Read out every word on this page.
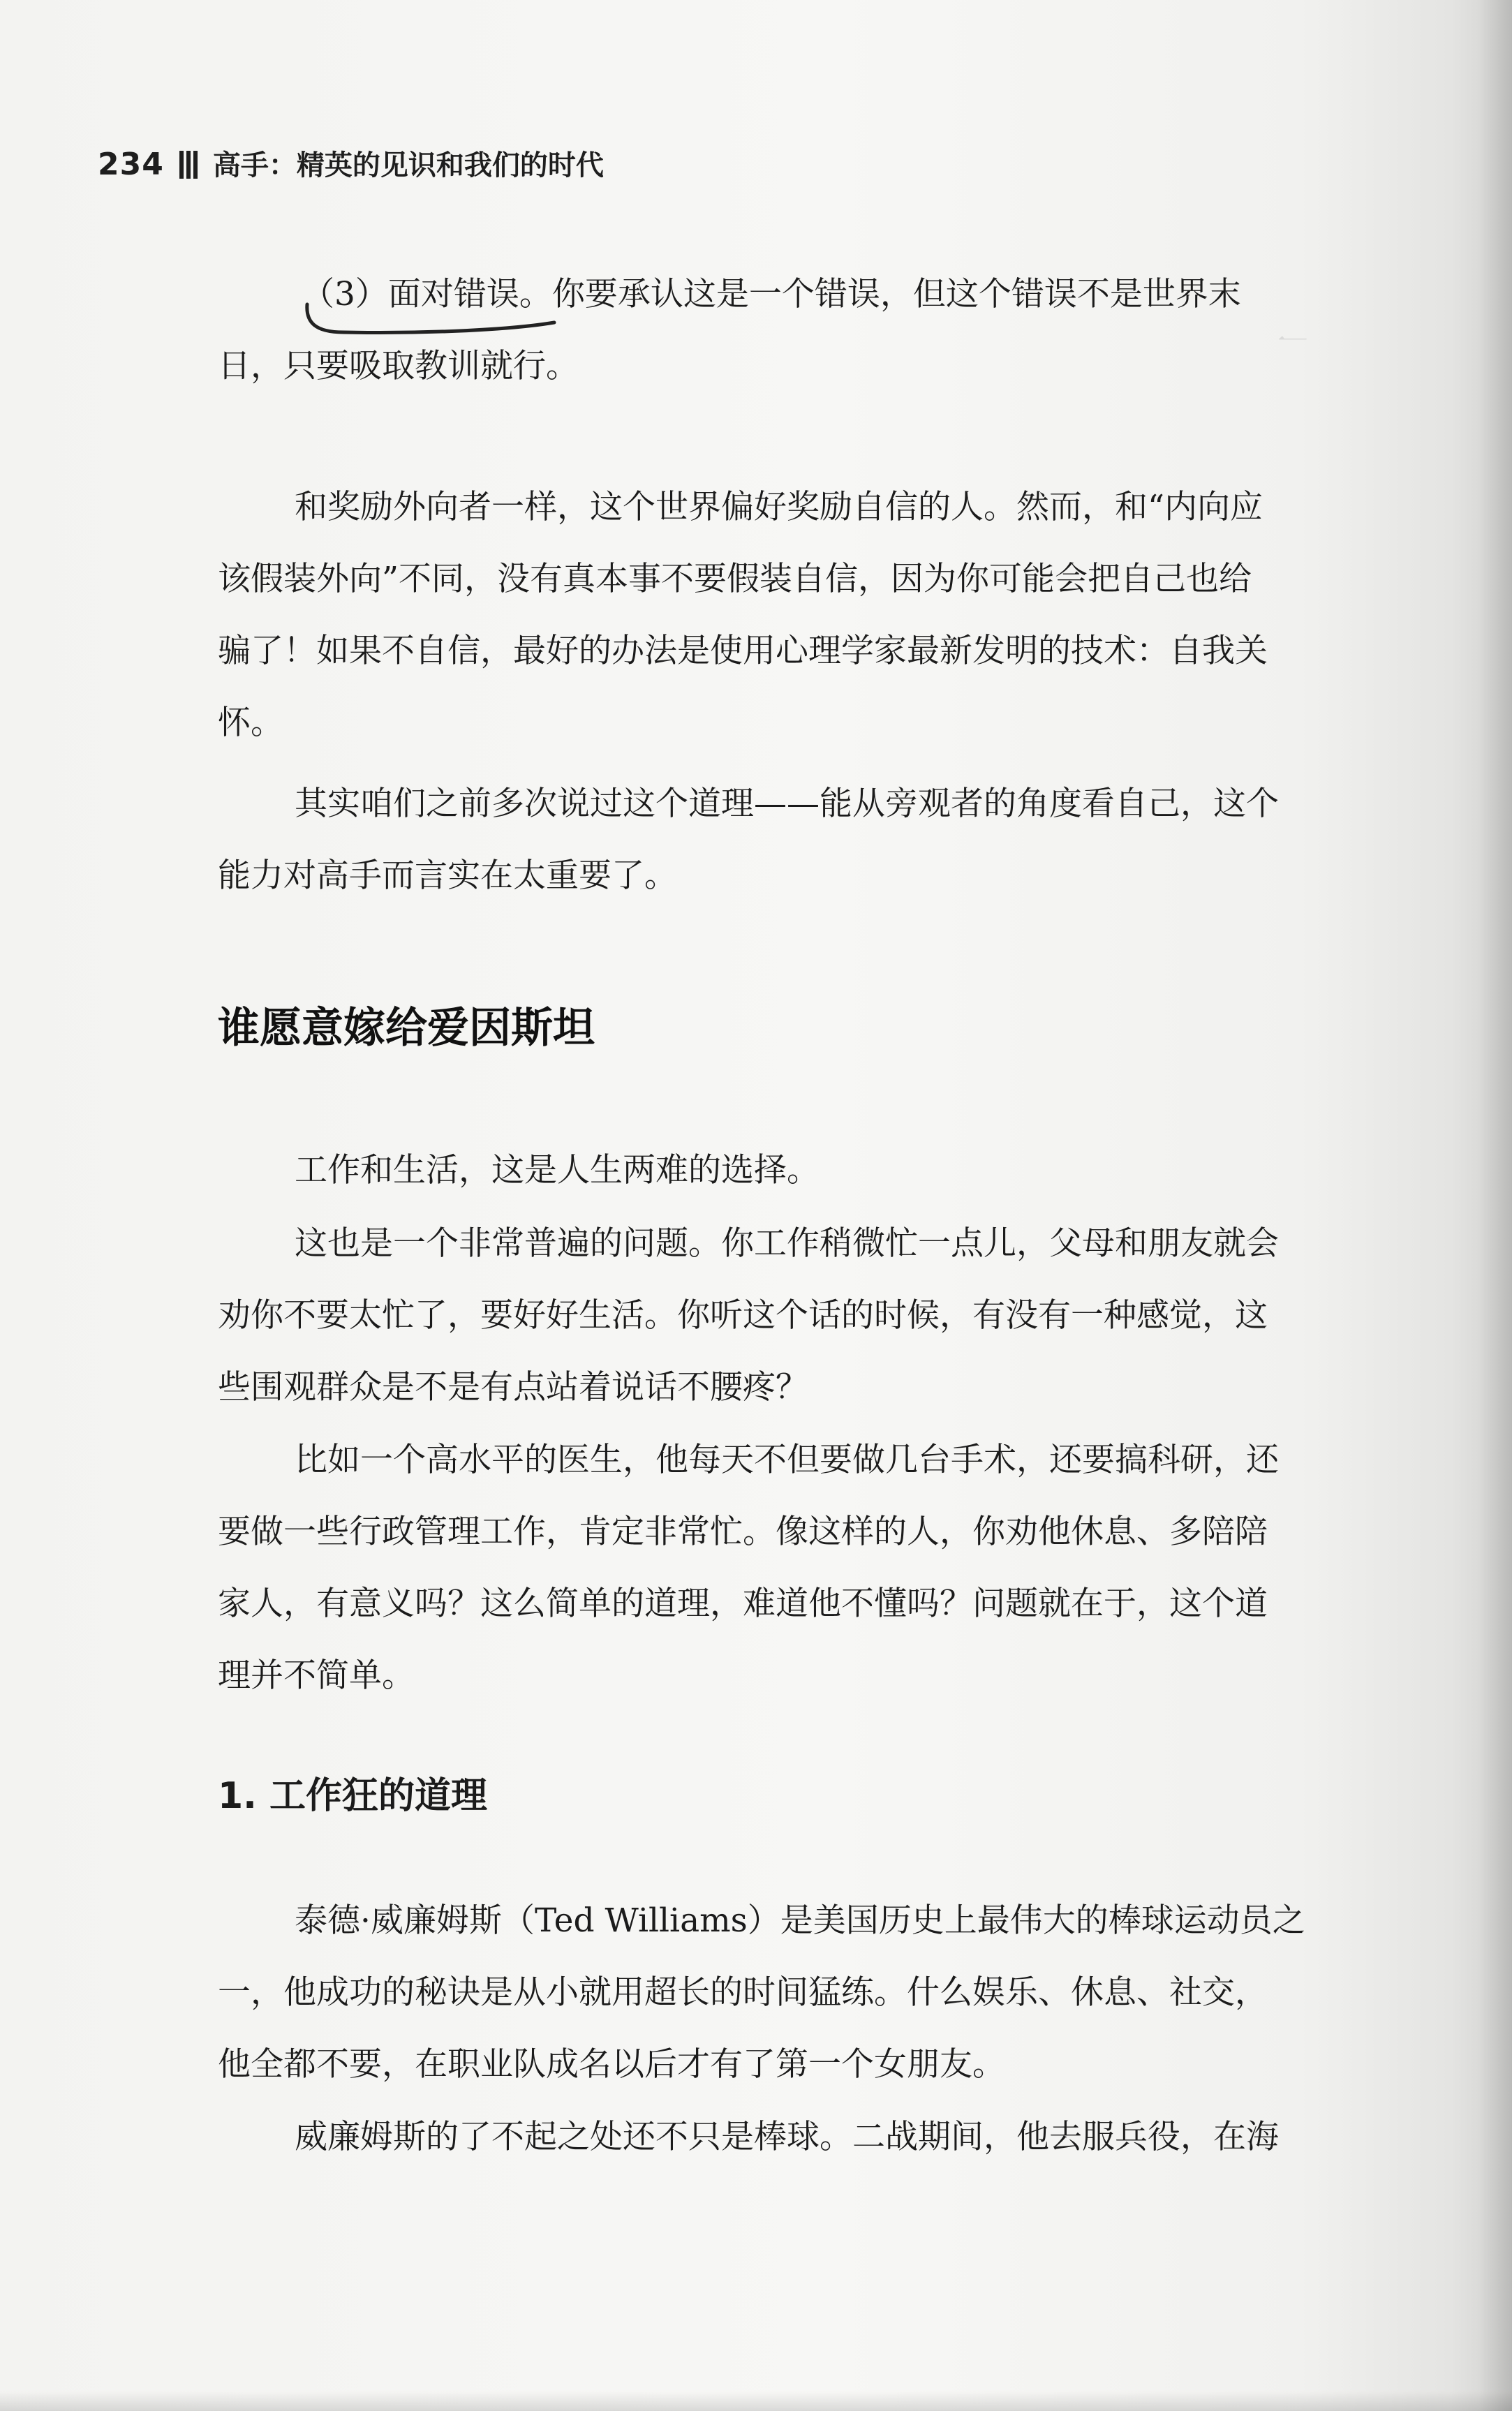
一
234 高手：精英的见识和我们的时代
（3）面对错误
。你要承认这是一个错误，但这个错误不是世界末
日，只要吸取教训就行。
和奖励外向者一样，这个世界偏好奖励自信的人。然而，和“内向应
该假装外向”不同，没有真本事不要假装自信，因为你可能会把自己也给
骗了！如果不自信，最好的办法是使用心理学家最新发明的技术：自我关
怀。
其实咱们之前多次说过这个道理——能从旁观者的角度看自己，这个
能力对高手而言实在太重要了。
谁愿意嫁给爱因斯坦
工作和生活，这是人生两难的选择。
这也是一个非常普遍的问题。你工作稍微忙一点儿，父母和朋友就会
劝你不要太忙了，要好好生活。你听这个话的时候，有没有一种感觉，这
些围观群众是不是有点站着说话不腰疼？
比如一个高水平的医生，他每天不但要做几台手术，还要搞科研，还
要做一些行政管理工作，肯定非常忙。像这样的人，你劝他休息、多陪陪
家人，有意义吗？这么简单的道理，难道他不懂吗？问题就在于，这个道
理并不简单。
1. 工作狂的道理
泰德·威廉姆斯（Ted Williams）是美国历史上最伟大的棒球运动员之
一，他成功的秘诀是从小就用超长的时间猛练。什么娱乐、休息、社交，
他全都不要，在职业队成名以后才有了第一个女朋友。
威廉姆斯的了不起之处还不只是棒球。二战期间，他去服兵役，在海
